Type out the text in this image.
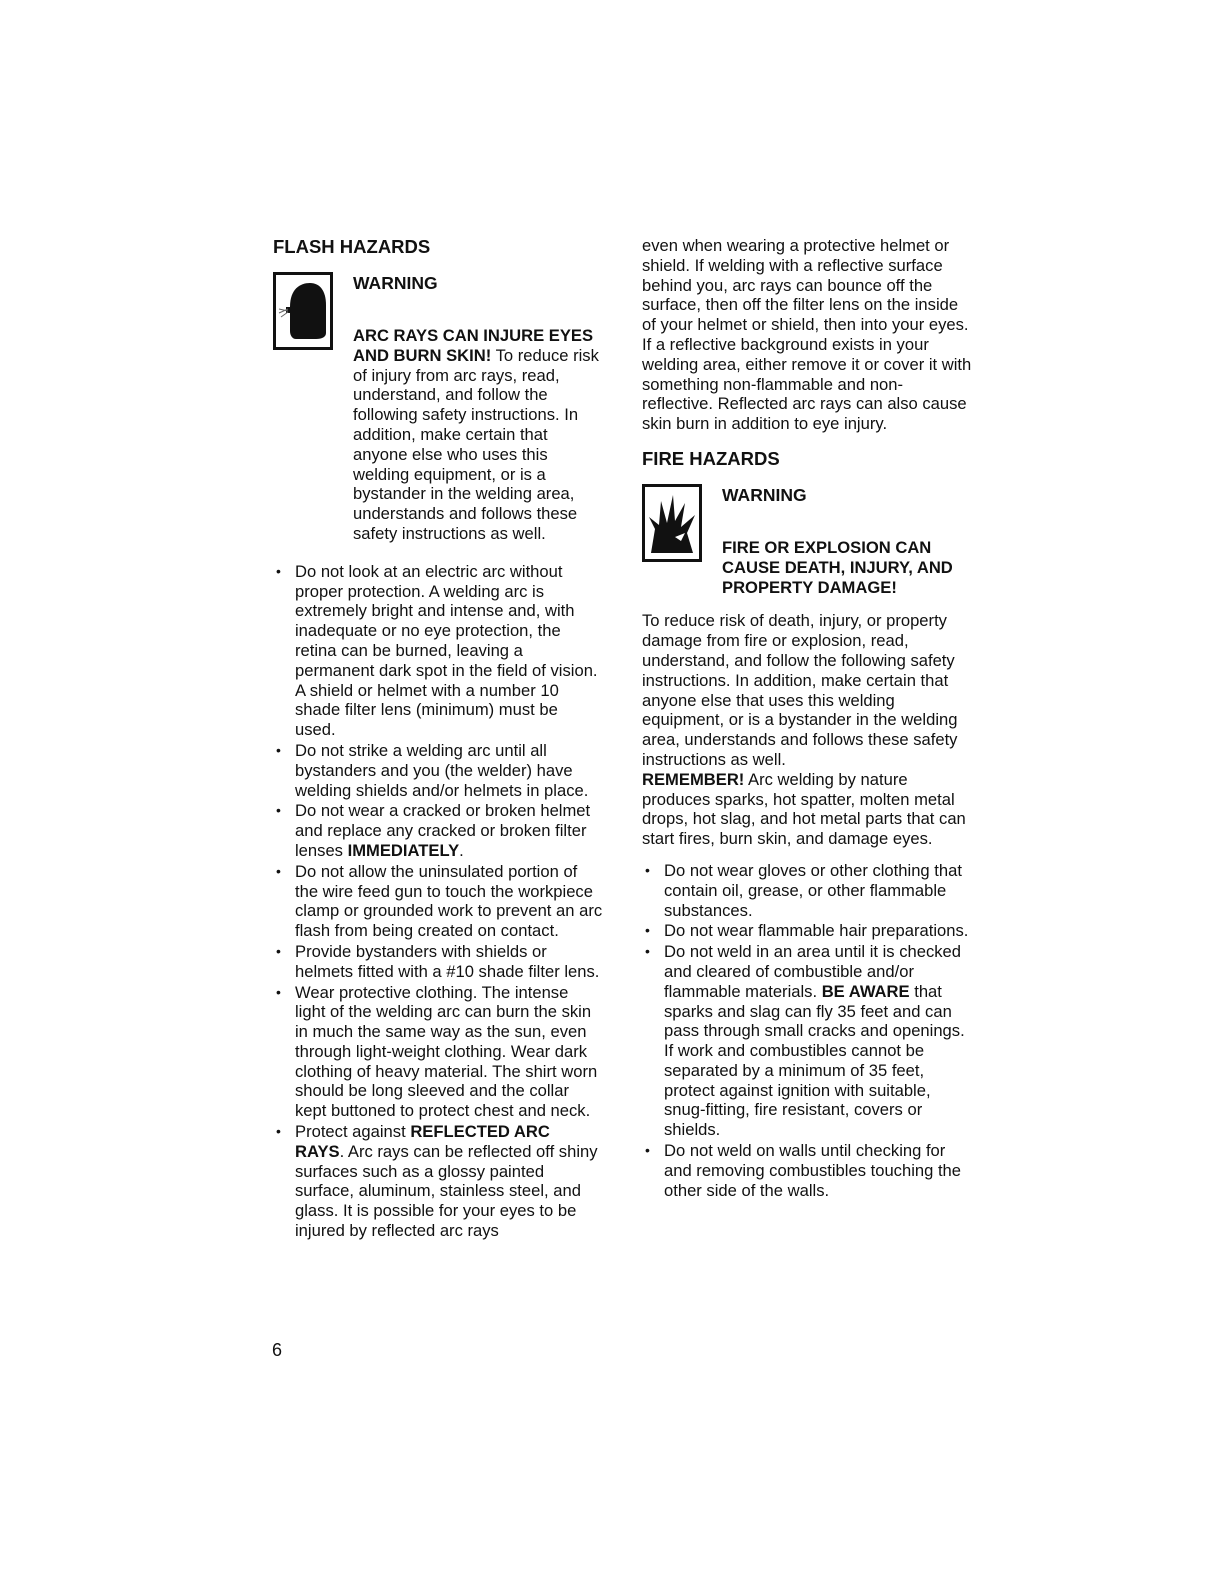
FLASH HAZARDS
WARNING
ARC RAYS CAN INJURE EYES AND BURN SKIN! To reduce risk of injury from arc rays, read, understand, and follow the following safety instructions. In addition, make certain that anyone else who uses this welding equipment, or is a bystander in the welding area, understands and follows these safety instructions as well.
• Do not look at an electric arc without proper protection. A welding arc is extremely bright and intense and, with inadequate or no eye protection, the retina can be burned, leaving a permanent dark spot in the field of vision. A shield or helmet with a number 10 shade filter lens (minimum) must be used.
• Do not strike a welding arc until all bystanders and you (the welder) have welding shields and/or helmets in place.
• Do not wear a cracked or broken helmet and replace any cracked or broken filter lenses IMMEDIATELY.
• Do not allow the uninsulated portion of the wire feed gun to touch the workpiece clamp or grounded work to prevent an arc flash from being created on contact.
• Provide bystanders with shields or helmets fitted with a #10 shade filter lens.
• Wear protective clothing. The intense light of the welding arc can burn the skin in much the same way as the sun, even through light-weight clothing. Wear dark clothing of heavy material. The shirt worn should be long sleeved and the collar kept buttoned to protect chest and neck.
• Protect against REFLECTED ARC RAYS. Arc rays can be reflected off shiny surfaces such as a glossy painted surface, aluminum, stainless steel, and glass. It is possible for your eyes to be injured by reflected arc rays

even when wearing a protective helmet or shield. If welding with a reflective surface behind you, arc rays can bounce off the surface, then off the filter lens on the inside of your helmet or shield, then into your eyes. If a reflective background exists in your welding area, either remove it or cover it with something non-flammable and non-reflective. Reflected arc rays can also cause skin burn in addition to eye injury.

FIRE HAZARDS
WARNING
FIRE OR EXPLOSION CAN CAUSE DEATH, INJURY, AND PROPERTY DAMAGE!

To reduce risk of death, injury, or property damage from fire or explosion, read, understand, and follow the following safety instructions. In addition, make certain that anyone else that uses this welding equipment, or is a bystander in the welding area, understands and follows these safety instructions as well.
REMEMBER! Arc welding by nature produces sparks, hot spatter, molten metal drops, hot slag, and hot metal parts that can start fires, burn skin, and damage eyes.

• Do not wear gloves or other clothing that contain oil, grease, or other flammable substances.
• Do not wear flammable hair preparations.
• Do not weld in an area until it is checked and cleared of combustible and/or flammable materials. BE AWARE that sparks and slag can fly 35 feet and can pass through small cracks and openings. If work and combustibles cannot be separated by a minimum of 35 feet, protect against ignition with suitable, snug-fitting, fire resistant, covers or shields.
• Do not weld on walls until checking for and removing combustibles touching the other side of the walls.
6
